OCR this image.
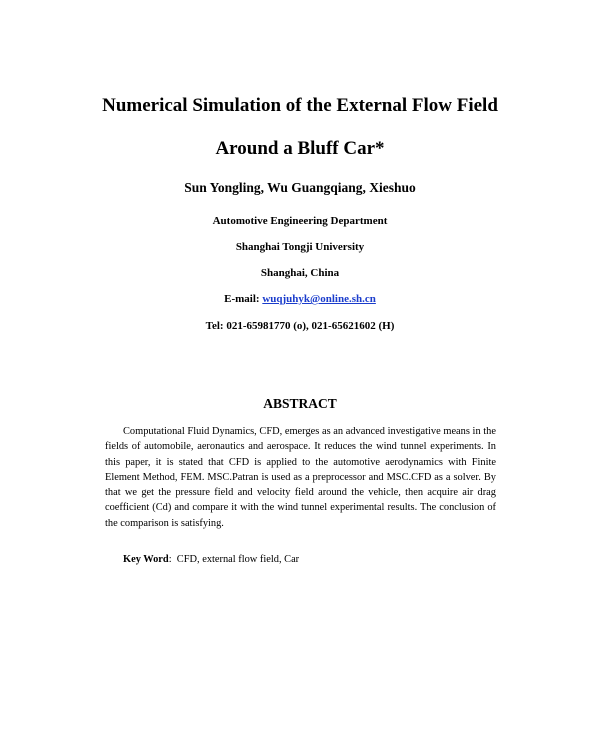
Numerical Simulation of the External Flow Field
Around a Bluff Car*
Sun Yongling, Wu Guangqiang, Xieshuo
Automotive Engineering Department
Shanghai Tongji University
Shanghai, China
E-mail: wuqjuhyk@online.sh.cn
Tel: 021-65981770 (o), 021-65621602 (H)
ABSTRACT

Computational Fluid Dynamics, CFD, emerges as an advanced investigative means in the fields of automobile, aeronautics and aerospace. It reduces the wind tunnel experiments. In this paper, it is stated that CFD is applied to the automotive aerodynamics with Finite Element Method, FEM. MSC.Patran is used as a preprocessor and MSC.CFD as a solver. By that we get the pressure field and velocity field around the vehicle, then acquire air drag coefficient (Cd) and compare it with the wind tunnel experimental results. The conclusion of the comparison is satisfying.

Key Word: CFD, external flow field, Car
